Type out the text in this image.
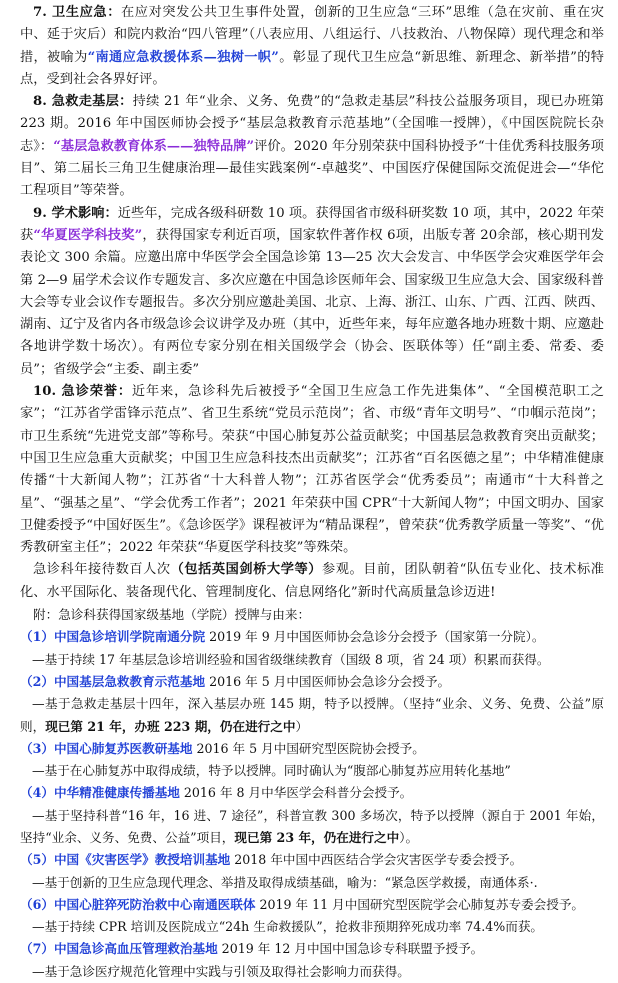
7. 卫生应急：在应对突发公共卫生事件处置，创新的卫生应急“三环”思维（急在灾前、重在灾中、延于灾后）和院内救治“四八管理”（八表应用、八组运行、八技救治、八物保障）现代理念和举措，被喻为“南通应急救援体系—独树一帜”。彰显了现代卫生应急“新思维、新理念、新举措”的特点，受到社会各界好评。

8. 急救走基层：持续 21 年“业余、义务、免费”的“急救走基层”科技公益服务项目，现已办班第 223 期。2016 年中国医师协会授予“基层急救教育示范基地”（全国唯一授牌），《中国医院院长杂志》：“基层急救教育体系——独特品牌”评价。2020 年分别荣获中国科协授予“十佳优秀科技服务项目”、第二届长三角卫生健康治理—最佳实践案例“-卓越奖”、中国医疗保健国际交流促进会—“华佗工程项目”等荣誉。

9. 学术影响：近些年，完成各级科研数 10 项。获得国省市级科研奖数 10 项，其中，2022 年荣获“华夏医学科技奖”，获得国家专利近百项，国家软件著作权 6项，出版专著 20余部，核心期刊发表论文 300 余篇。应邀出席中华医学会全国急诊第 13—25 次大会发言、中华医学会灾难医学年会第 2—9 届学术会议作专题发言、多次应邀在中国急诊医师年会、国家级卫生应急大会、国家级科普大会等专业会议作专题报告。多次分别应邀赴美国、北京、上海、浙江、山东、广西、江西、陕西、湖南、辽宁及省内各市级急诊会议讲学及办班（其中，近些年来，每年应邀各地办班数十期、应邀赴各地讲学数十场次）。有两位专家分别在相关国级学会（协会、医联体等）任“副主委、常委、委员”；省级学会“主委、副主委”

10. 急诊荣誉：近年来，急诊科先后被授予“全国卫生应急工作先进集体”、“全国模范职工之家”；“江苏省学雷锋示范点”、省卫生系统“党员示范岗”；省、市级“青年文明号”、“巾帼示范岗”；市卫生系统“先进党支部”等称号。荣获“中国心肺复苏公益贡献奖；中国基层急救教育突出贡献奖；中国卫生应急重大贡献奖；中国卫生应急科技杰出贡献奖”；江苏省“百名医德之星”；中华精准健康传播“十大新闻人物”；江苏省“十大科普人物”；江苏省医学会“优秀委员”；南通市“十大科普之星”、“强基之星”、“学会优秀工作者”；2021 年荣获中国 CPR“十大新闻人物”；中国文明办、国家卫健委授予“中国好医生”。《急诊医学》课程被评为“精品课程”，曾荣获“优秀教学质量一等奖”、“优秀教研室主任”；2022 年荣获“华夏医学科技奖”等殊荣。

急诊科年接待数百人次（包括英国剑桥大学等）参观。目前，团队朝着“队伍专业化、技术标准化、水平国际化、装备现代化、管理制度化、信息网络化”新时代高质量急诊迈进!

附：急诊科获得国家级基地（学院）授牌与由来：

（1）中国急诊培训学院南通分院 2019 年 9 月中国医师协会急诊分会授予（国家第一分院）。

—基于持续 17 年基层急诊培训经验和国省级继续教育（国级 8 项，省 24 项）积累而获得。

（2）中国基层急救教育示范基地 2016 年 5 月中国医师协会急诊分会授予。

—基于急救走基层十四年，深入基层办班 145 期，特予以授牌。（坚持“业余、义务、免费、公益”原则，现已第 21 年，办班 223 期，仍在进行之中）

（3）中国心肺复苏医教研基地 2016 年 5 月中国研究型医院协会授予。

—基于在心肺复苏中取得成绩，特予以授牌。同时确认为“腹部心肺复苏应用转化基地”

（4）中华精准健康传播基地 2016 年 8 月中华医学会科普分会授予。

—基于坚持科普“16 年，16 进、7 途径”，科普宣教 300 多场次，特予以授牌（源自于 2001 年始，坚持“业余、义务、免费、公益”项目，现已第 23 年，仍在进行之中）。

（5）中国《灾害医学》教授培训基地 2018 年中国中西医结合学会灾害医学专委会授予。

—基于创新的卫生应急现代理念、举措及取得成绩基础，喻为：“紧急医学救援，南通体系·.

（6）中国心脏猝死防治救中心南通医联体 2019 年 11 月中国研究型医院学会心肺复苏专委会授予。

—基于持续 CPR 培训及医院成立“24h 生命救援队”，抢救非预期猝死成功率 74.4%而获。

（7）中国急诊高血压管理救治基地 2019 年 12 月中国中国急诊专科联盟予授予。

—基于急诊医疗规范化管理中实践与引领及取得社会影响力而获得。
